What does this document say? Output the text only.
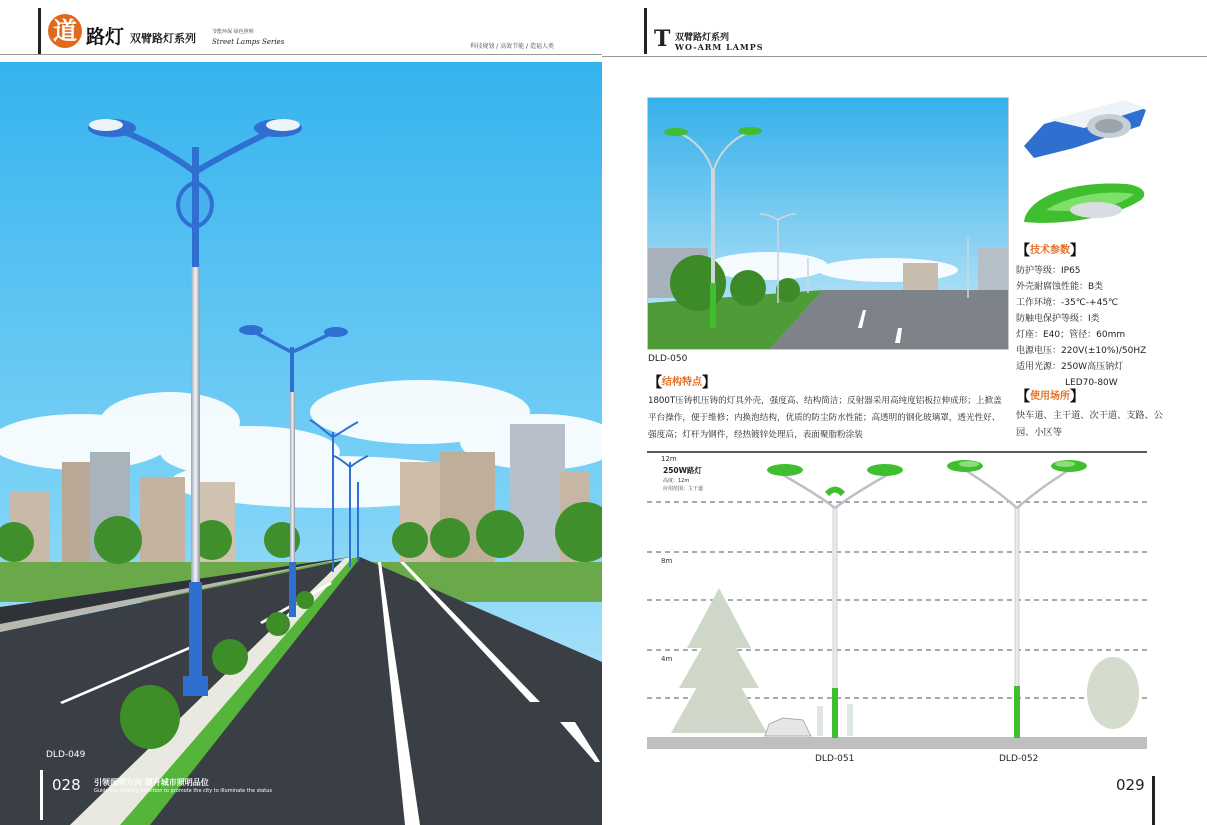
道 路灯 双臂路灯系列	节能环保 绿色照明
Street Lamps Series
科技规划 / 高效节能 / 造福人类
DLD-049
028 引领照明方向 提升城市照明品位
Guide the lighting direction to promote the city to illuminate the status
T 双臂路灯系列
WO-ARM LAMPS
DLD-050
【技术参数】
防护等级：IP65
外壳耐腐蚀性能：B类
工作环境：-35℃-+45℃
防触电保护等级：Ⅰ类
灯座：E40；管径：60mm
电源电压：220V(±10%)/50HZ
适用光源：250W高压钠灯
LED70-80W
【结构特点】
1800T压铸机压铸的灯具外壳，强度高、结构简洁；反射器采用高纯度铝板拉伸成形；上掀盖平台操作，便于维修；内换泡结构，优质的防尘防水性能；高透明的钢化玻璃罩，透光性好、强度高；灯杆为钢件，经热镀锌处理后，表面聚脂粉涂装
【使用场所】
快车道、主干道、次干道、支路、公园、小区等
12m
8m
4m
250W路灯
高度：12m
应用范围：主干道
DLD-051	DLD-052
029
